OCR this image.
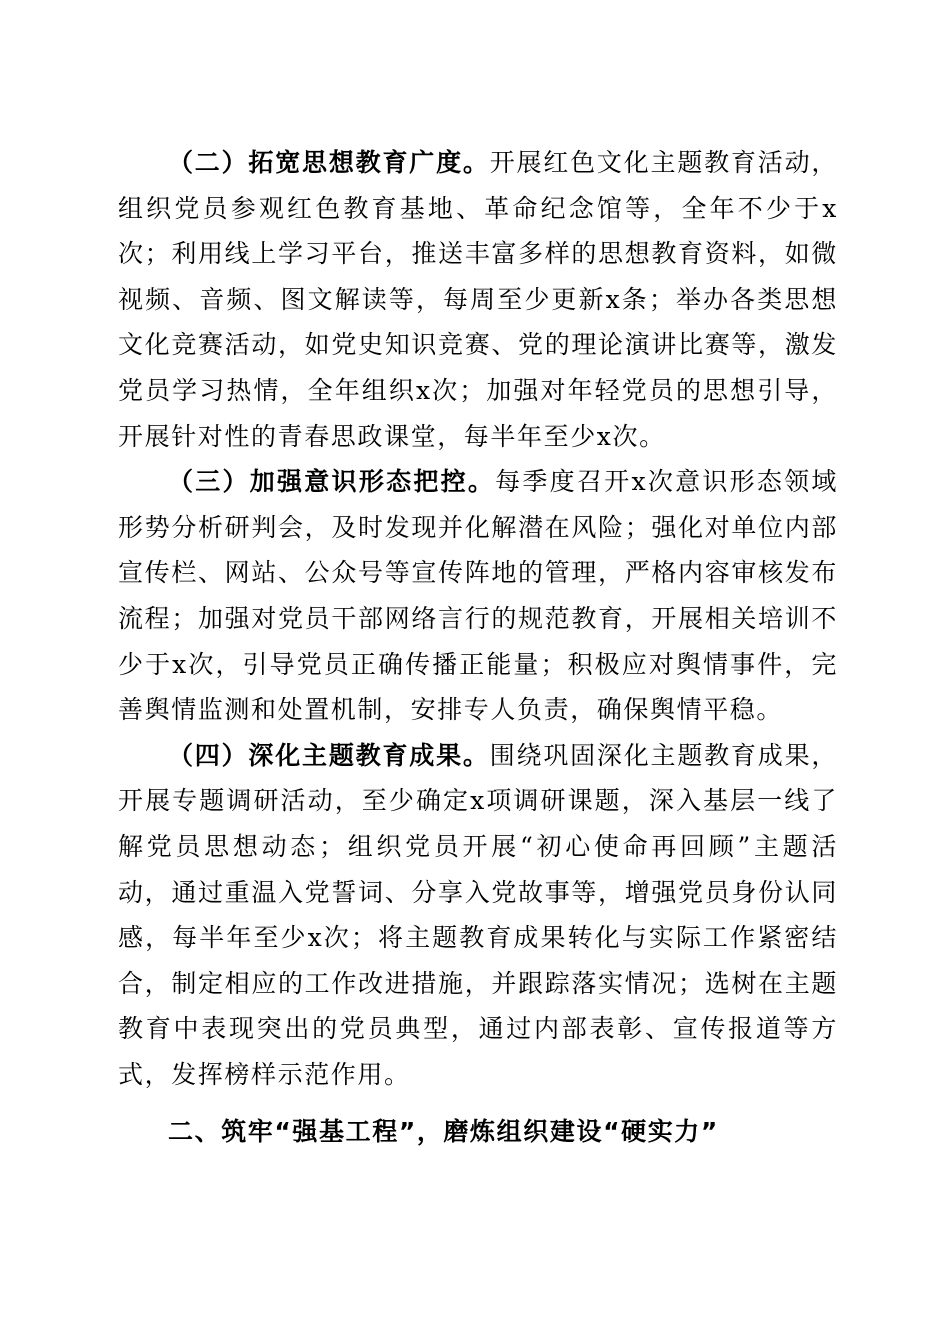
（二）拓宽思想教育广度。开展红色文化主题教育活动，组织党员参观红色教育基地、革命纪念馆等，全年不少于x次；利用线上学习平台，推送丰富多样的思想教育资料，如微视频、音频、图文解读等，每周至少更新x条；举办各类思想文化竞赛活动，如党史知识竞赛、党的理论演讲比赛等，激发党员学习热情，全年组织x次；加强对年轻党员的思想引导，开展针对性的青春思政课堂，每半年至少x次。

（三）加强意识形态把控。每季度召开x次意识形态领域形势分析研判会，及时发现并化解潜在风险；强化对单位内部宣传栏、网站、公众号等宣传阵地的管理，严格内容审核发布流程；加强对党员干部网络言行的规范教育，开展相关培训不少于x次，引导党员正确传播正能量；积极应对舆情事件，完善舆情监测和处置机制，安排专人负责，确保舆情平稳。

（四）深化主题教育成果。围绕巩固深化主题教育成果，开展专题调研活动，至少确定x项调研课题，深入基层一线了解党员思想动态；组织党员开展“初心使命再回顾”主题活动，通过重温入党誓词、分享入党故事等，增强党员身份认同感，每半年至少x次；将主题教育成果转化与实际工作紧密结合，制定相应的工作改进措施，并跟踪落实情况；选树在主题教育中表现突出的党员典型，通过内部表彰、宣传报道等方式，发挥榜样示范作用。

二、筑牢“强基工程”，磨炼组织建设“硬实力”
